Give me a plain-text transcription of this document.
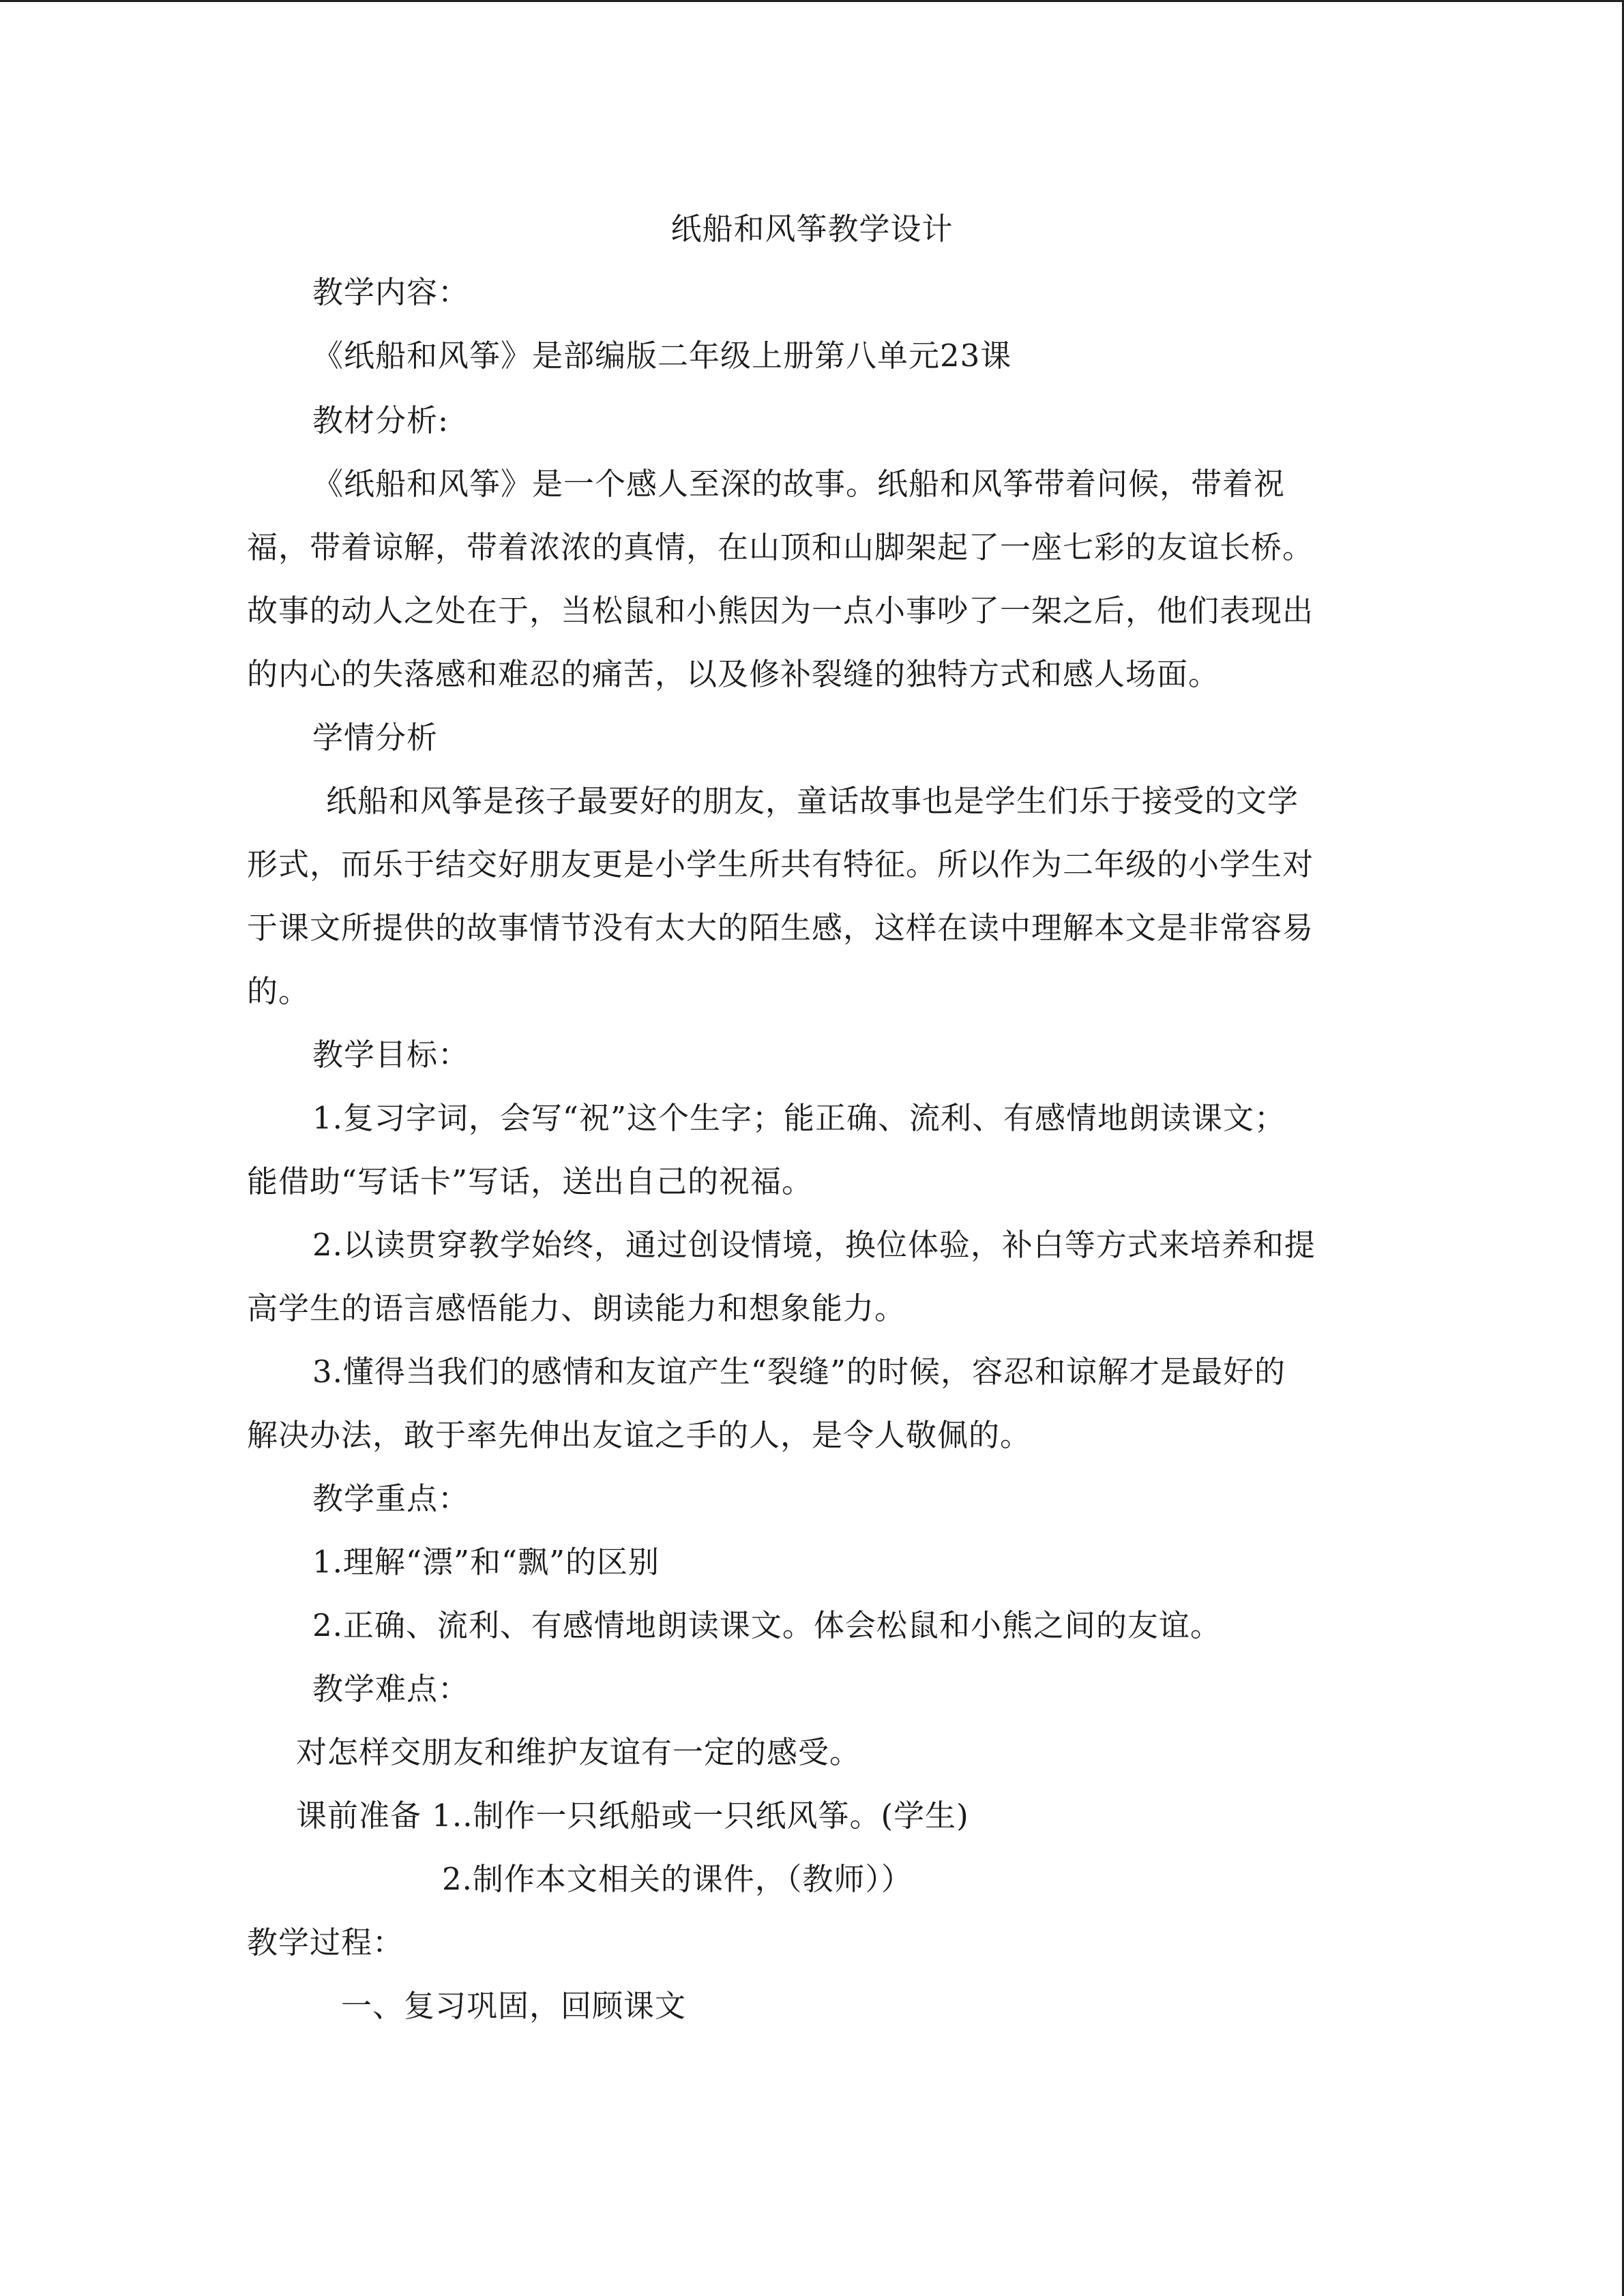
纸船和风筝教学设计
教学内容：
《纸船和风筝》是部编版二年级上册第八单元23课
教材分析:
《纸船和风筝》是一个感人至深的故事。纸船和风筝带着问候，带着祝
福，带着谅解，带着浓浓的真情，在山顶和山脚架起了一座七彩的友谊长桥。
故事的动人之处在于，当松鼠和小熊因为一点小事吵了一架之后，他们表现出
的内心的失落感和难忍的痛苦，以及修补裂缝的独特方式和感人场面。
学情分析
纸船和风筝是孩子最要好的朋友，童话故事也是学生们乐于接受的文学
形式，而乐于结交好朋友更是小学生所共有特征。所以作为二年级的小学生对
于课文所提供的故事情节没有太大的陌生感，这样在读中理解本文是非常容易
的。
教学目标：
1.复习字词，会写“祝”这个生字；能正确、流利、有感情地朗读课文；
能借助“写话卡”写话，送出自己的祝福。
2.以读贯穿教学始终，通过创设情境，换位体验，补白等方式来培养和提
高学生的语言感悟能力、朗读能力和想象能力。
3.懂得当我们的感情和友谊产生“裂缝”的时候，容忍和谅解才是最好的
解决办法，敢于率先伸出友谊之手的人，是令人敬佩的。
教学重点：
1.理解“漂”和“飘”的区别
2.正确、流利、有感情地朗读课文。体会松鼠和小熊之间的友谊。
教学难点：
对怎样交朋友和维护友谊有一定的感受。
课前准备 1..制作一只纸船或一只纸风筝。(学生)
2.制作本文相关的课件，（教师））
教学过程：
一、复习巩固，回顾课文
